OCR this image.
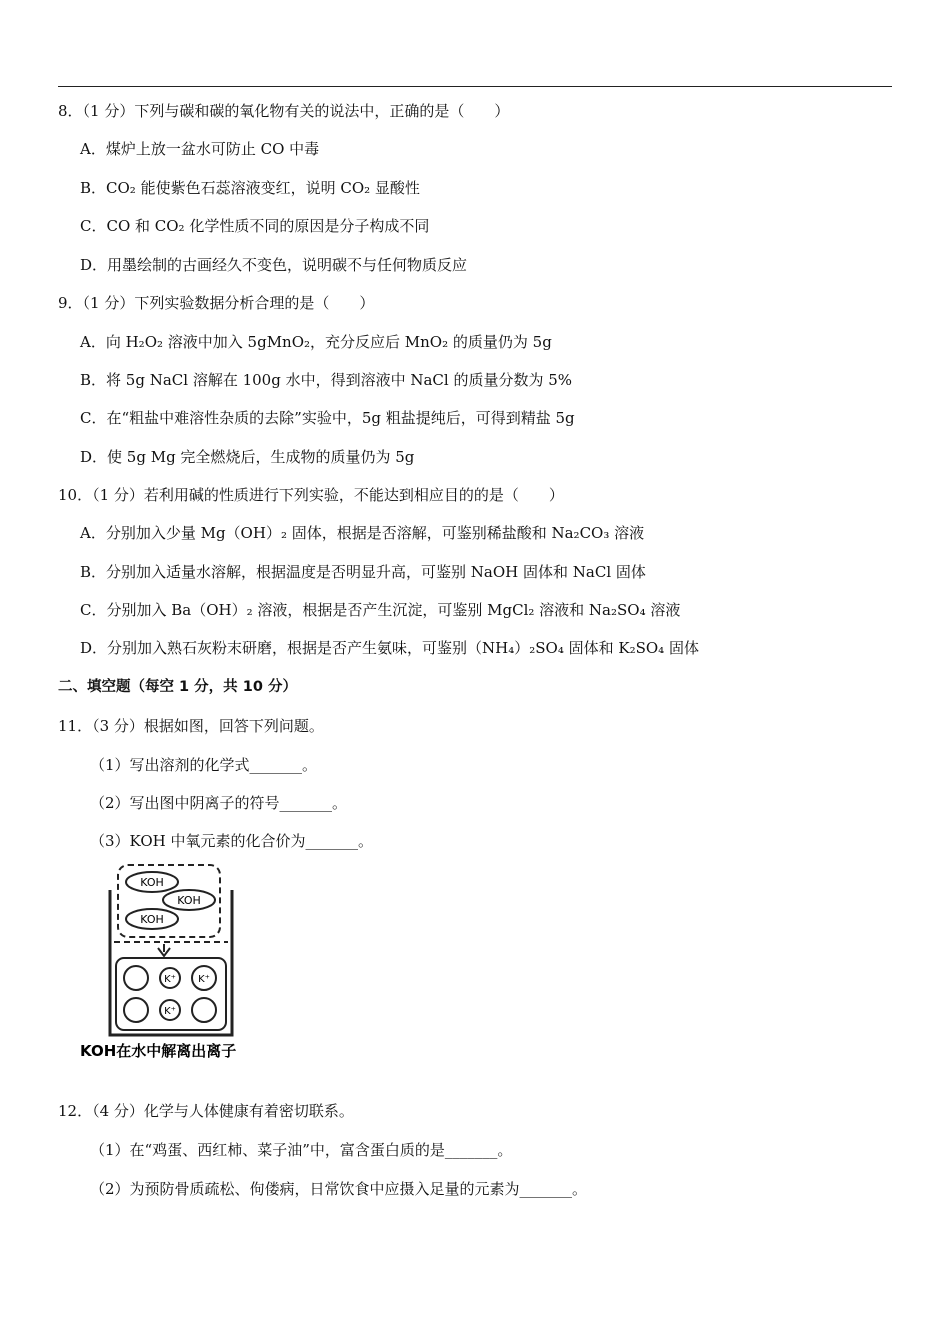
8．（1 分）下列与碳和碳的氧化物有关的说法中，正确的是（　　）
A．煤炉上放一盆水可防止 CO 中毒
B．CO₂ 能使紫色石蕊溶液变红，说明 CO₂ 显酸性
C．CO 和 CO₂ 化学性质不同的原因是分子构成不同
D．用墨绘制的古画经久不变色，说明碳不与任何物质反应
9．（1 分）下列实验数据分析合理的是（　　）
A．向 H₂O₂ 溶液中加入 5gMnO₂，充分反应后 MnO₂ 的质量仍为 5g
B．将 5g NaCl 溶解在 100g 水中，得到溶液中 NaCl 的质量分数为 5%
C．在“粗盐中难溶性杂质的去除”实验中，5g 粗盐提纯后，可得到精盐 5g
D．使 5g Mg 完全燃烧后，生成物的质量仍为 5g
10．（1 分）若利用碱的性质进行下列实验，不能达到相应目的的是（　　）
A．分别加入少量 Mg（OH）₂ 固体，根据是否溶解，可鉴别稀盐酸和 Na₂CO₃ 溶液
B．分别加入适量水溶解，根据温度是否明显升高，可鉴别 NaOH 固体和 NaCl 固体
C．分别加入 Ba（OH）₂ 溶液，根据是否产生沉淀，可鉴别 MgCl₂ 溶液和 Na₂SO₄ 溶液
D．分别加入熟石灰粉末研磨，根据是否产生氨味，可鉴别（NH₄）₂SO₄ 固体和 K₂SO₄ 固体
二、填空题（每空 1 分，共 10 分）
11．（3 分）根据如图，回答下列问题。
（1）写出溶剂的化学式_______。
（2）写出图中阴离子的符号_______。
（3）KOH 中氧元素的化合价为_______。
KOH
KOH
KOH
K⁺ K⁺
K⁺
KOH在水中解离出离子
12．（4 分）化学与人体健康有着密切联系。
（1）在“鸡蛋、西红柿、菜子油”中，富含蛋白质的是_______。
（2）为预防骨质疏松、佝偻病，日常饮食中应摄入足量的元素为_______。
